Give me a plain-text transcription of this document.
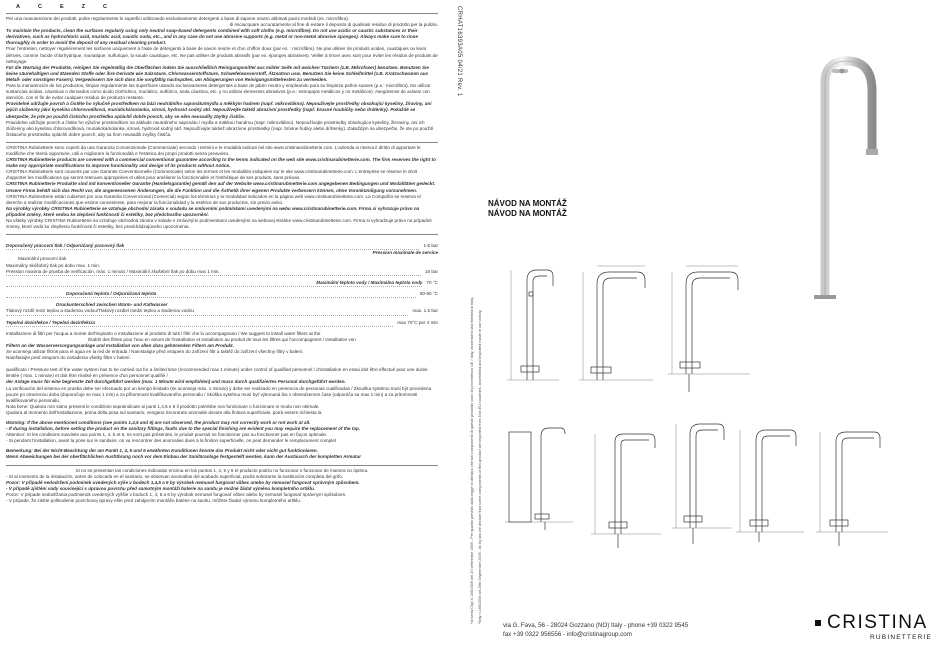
A	C	E	Z	C

Per una manutenzione dei prodotti, pulire regolarmente le superfici utilizzando esclusivamente detergenti a base di sapone neutro abbinati panni morbidi (es. microfibra).

di risciacquare accuratamente al fine di evitare il deposito di qualsiasi residuo di prodotto per la pulizia.

To maintain the products, clean the surfaces regularly using only neutral soap-based detergents combined with soft cloths (e.g. microfibre). Do not use acidic or caustic substances or their derivatives, such as hydrochloric acid, muriatic acid, caustic soda, etc., and in any case do not use abrasive supports (e.g. metal or non-metal abrasive sponges). Always make sure to rinse thoroughly in order to avoid the deposit of any residual cleaning product.

Pour l'entretien, nettoyer régulièrement les surfaces uniquement à l'aide de détergents à base de savon neutre et d'un chiffon doux (par ex. : microfibre). Ne pas utiliser de produits acides, caustiques ou leurs dérivés, comme l'acide chlorhydrique, muriatique, sulfurique, la soude caustique, etc. Ne pas utiliser de produits abrasifs (par ex. éponges abrasives). Veiller à rincer avec soin pour éviter les résidus de produits de nettoyage.

Für die Wartung der Produkte, reinigen Sie regelmäßig die Oberflächen indem Sie ausschließlich Reinigungsmittel aus milder Seife mit weichen Tüchern (z.B. Mikrofaser) benutzen. Benutzen Sie keine säurehaltigen und ätzenden Stoffe oder ihre Derivate wie Salzsäure, Chlorwasserstoffsäure, Schwefelwasserstoff, Ätznatron usw. Benutzen Sie keine Schleifmittel (z.B. Kratzschwamm aus Metall- oder sonstigen Fasern). Vergewissern Sie sich dass Sie sorgfältig nachspülen, um Ablagerungen von Reinigungsmittelresten zu vermeiden.

Para la manutención de los productos, limpiar regularmente las superficies usando exclusivamente detergentes a base de jabón neutro y empleando para su limpieza paños suaves (p.e.: microfibra). No utilizar sustancias ácidas, cáusticas o derivados como ácido clorhídrico, muriático, sulfúrico, soda cáustica, etc. y no utilizar elementos abrasivos (p.e.: estropajos metálicos y no metálicos). Asegúrense de aclarar con atención, con el fin de evitar cualquier residuo de producto restante.

Pravidelné udržujte povrch a čistěte ho výlučně prostředkem na bázi neutrálního saponátu/mýdla a měkkým hadrem (např. mikrovlákno). Nepoužívejte prostředky obsahující kyseliny, žíraviny, ani jejich složeniny jako kyselina chlorovodíková, muriatická/solanka, sírová, hydroxid sodný atd. Nepoužívejte taktéž abrazivní prostředky (např. brusné houbičky nebo drátěnky). Pokaždé se ubezpečte, že jste po použití čisticího prostředku opláchli dobře povrch, aby se něm neusadily zbytky čističe.

Pravidelne udržujte povrch a čistite ho výlučne prostriedkom na základe neutrálneho saponátu / mydla a mäkkou handrou (napr. mikrovlákno). Nepoužívajte prostriedky obsahujúce kyseliny, žieraviny, ani ich zlúčeniny ako kyselina chlorovodíková, muriatická/solanka, sírová, hydroxid sodný atď. Nepoužívajte taktiež abrazívne prostriedky (napr. brúsne hubky alebo drôtenky). Zakaždým sa ubezpečte, že ste po použití čistiaceho prostriedku opláchli dobre povrch, aby sa ňom neusadili zvyšky čističa.

CRISTINA Rubinetterie sono coperti da una Garanzia Convenzionale (Commerciale) secondo i termini e le modalità indicati nel sito www.cristinarubinetterie.com. L'azienda si riserva il diritto di apportare le modifiche che riterrà opportune, utili a migliorare la funzionalità e l'estetica dei propri prodotti senza preavviso.

CRISTINA Rubinetterie products are covered with a commercial conventional guarantee according to the terms indicated on the web site www.cristinarubinetterie.com. The firm reserves the right to make any appropriate modifications to improve functionality and design of its products without notice.

CRISTINA Rubinetterie sont couverts par une Garantie Conventionnelle (Commerciale) selon les termes et les modalités indiquées sur le site www.cristinarubinetterie.com. L'entreprise se réserve le droit d'apporter les modifications qui seront retenues appropriées et utiles pour améliorer la fonctionnalité et l'esthétique de ses produits, sans préavis.

CRISTINA Rubinetterie Produkte sind mit konventioneller Garantie (Handelsgarantie) gemäß den auf der Website www.cristinarubinetterie.com angegebenen Bedingungen und Modalitäten gedeckt. Unsere Firma behält sich das Recht vor, die angemessenen Änderungen, die die Funktion und die Ästhetik ihrer eigenen Produkte verbessern können, ohne Vorankündigung vorzunehmen.

CRISTINA Rubinetterie están cubiertos por una Garantía Convencional (Comercial) según los términos y la modalidad indicados en la página web www.cristinarubinetterie.com. La Compañía se reserva el derecho a realizar modificaciones que estime conveniente, para mejorar la funcionalidad y la estética de sus productos, sin previo aviso.

Na výrobky výrobky CRISTINA Rubinetterie se vztahuje obchodní záruka v souladu se smluvními podmínkami uvedenými na webu www.cristinarubinetterie.com. Firma si vyhrazuje právo na případné změny, které vedou ke zlepšení funkčnosti či estetiky, bez předchozího upozornění.

Na všetky výrobky CRISTINA Rubinetterie sa vzťahuje obchodná záruka v súlade s zmluvnými podmienkami uvedenými na webovej stránke www.cristinarubinetterie.com. Firma si vyhradzuje právo na prípadné zmeny, ktoré vedú ku zlepšeniu funkčnosti či estetiky, bez predchádzajúceho upozornenia.

Doporučený pracovní tlak / Odporúčaný pracovný tlak	1-5 bar

Pression maximale de service

Maximální provozní tlak

Maximálny skúšobný tlak po dobu max. 1 min.

Pression maxima de prueba de verificación, máx. 1 minuto / Maximální zkušební tlak po dobu max 1 min.	16 bar
Maximální teplota vody / Maximálna teplota vody 70 °C
Doporučená teplota / Odporúčaná teplota	50-60 °C

Druckunterschied zwischen Warm- und Kaltwasser

Tlakový rozdíl mezi teplou a studenou vodou/Tlakový rozdiel medzi teplou a studenou vodou	max. 1,5 bar
Tepelná dezinfekce / Tepelná dezinfekcia	max 70°C per 4 min

Installazione di filtri per l'acqua a monte dell'impianto e installazione al prodotto di tutti i filtri che lo accompagnano / We suggest to install water filters at the

Établir des filtres pour l'eau en amont de l'installation et installation au produit de tous les filtres qui l'accompagnent / Installation von

Filtern an der Wasserversorgungsanlage und Installation von allen dazu gehörenden Filtern am Produkt.

Se aconseja utilizar filtros para el agua en la red de entrada / Nainstalujte před vstupem do zařízení filtr a taktéž do zařízení všechny filtry v balení.

Nainštalujte pred vstupom do zariadenia všetky filtre v balení.

qualificato / Pressure test of the water system has to be carried out for a limited time (recommended max 1 minute) under control of qualified personnel / d'installation en essai doit être effectué pour une durée limitée ( max. 1 minute) et doit être réalisé en présence d'un personnel qualifié /

der Anlage muss für eine begrenzte Zeit durchgeführt werden (max. 1 Minute wird empfohlen) und muss durch qualifiziertes Personal durchgeführt werden.

La verificación del sistema en prueba debe ser efectuado por un tiempo limitado (se aconseja máx. 1 minuto) y debe ser realizado en presencia de personas cualificadas / Zkouška systému musí být provedena pouze po omezenou dobu (doporučuje se max 1 min) a za přítomnosti kvalifikovaného personálu / Skúška systému musí byť vykonaná iba v obmedzenom čase (odporúča sa max 1 min) a za prítomnosti kvalifikovaného personálu.

Nota bene: Qualora non siano presenti le condizioni sopraindicate ai punti 1,4,5 e 6 il prodotto potrebbe non funzionare o funzionare in modo non ottimale.

Qualora al momento dell'installazione, prima della posa sul sanitario, vengano riscontrate anomalie dovute alla finitura superficiale, potrà essere richiesta la

Warning: If the above mentioned conditions (see points 1,4,5 and 6) are not observed, the product may not correctly work or not work at all.

- If during installation, before setting the product on the sanitary fittings, faults due to the special finishing are evident you may require the replacement of the tap.

Attention: Si les conditions susvisée aux points 1, 4, 5 et 6, ne sont pas présentes, le produit pourrait ne fonctionner pas ou fonctionner pas en façon optimale.

- Si pendant l'installation, avant la pose sur le sanitaire, on va rencontrer des anomalies dues à la finition superficielle, on peut demander le remplacement complet

Bemerkung: Bei der Nicht-Beachtung der am Punkt 1, 4, 5 und 6 erwähnten Konditionen könnte das Produkt nicht oder nicht gut funktionieren.

Wenn Abweichungen bei der oberflächlichen Ausführung noch vor dem Einbau der Sanitäranlage festgestellt werden, kann der Austausch der kompletten Armatur

Si no se presentan las condiciones indicadas encima en los puntos 1, 4, 5 y 6 el producto podría no funcionar o funcionar de manera no óptima.

- Si al momento de la instalación, antes de colocarla en el sanitario, se observan anomalías del acabado superficial, podrá solicitarse la sustitución completa del grifo.

Pozor: V případě nedodržení podmínek uvedených výše v bodech 1,4,5 a 6 by výrobek nemusel fungovat vůbec anebo by nemusel fungovat správným způsobem.

- V případě zjištění vady související s úpravou povrchu před samotným montáží baterie na sanitu je možné žádat výměnu kompletního artiklu.

Pozor: V prípade nedodržania podmienok uvedených vyššie v bodoch 1, 4, 5 a 6 by výrobok nemusel fungovať vôbec alebo by nemusel fungovať správnym spôsobom.

- V prípade, že zistíte poškodenie povrchovej úpravy ešte pred zahájením montáže batérie na sanitu, môžete žiadať výmenu kompletného artiklu.

CRHAT16393A05 04/21 Rev. 1
*ai sensi Dlgs n.166/2009 del 25 settembre 2009 - Per quanto previsto dalla legge si dichiara che tali componenti di questo prodotto sono di provenienza UE / Italy, assembled and finished in Italy. *Italy n.166/2009 art.25th September 2009 - As by law we declare that some components of this product are imported from Non EU countries, assembled and imported made in our factory.
NÁVOD NA MONTÁŽ
NÁVOD NA MONTÁŽ
via G. Fava, 56 - 28024 Gozzano (NO) Italy - phone +39 0322 9545
fax +39 0322 956556 - info@cristinagroup.com
CRISTINA
RUBINETTERIE
